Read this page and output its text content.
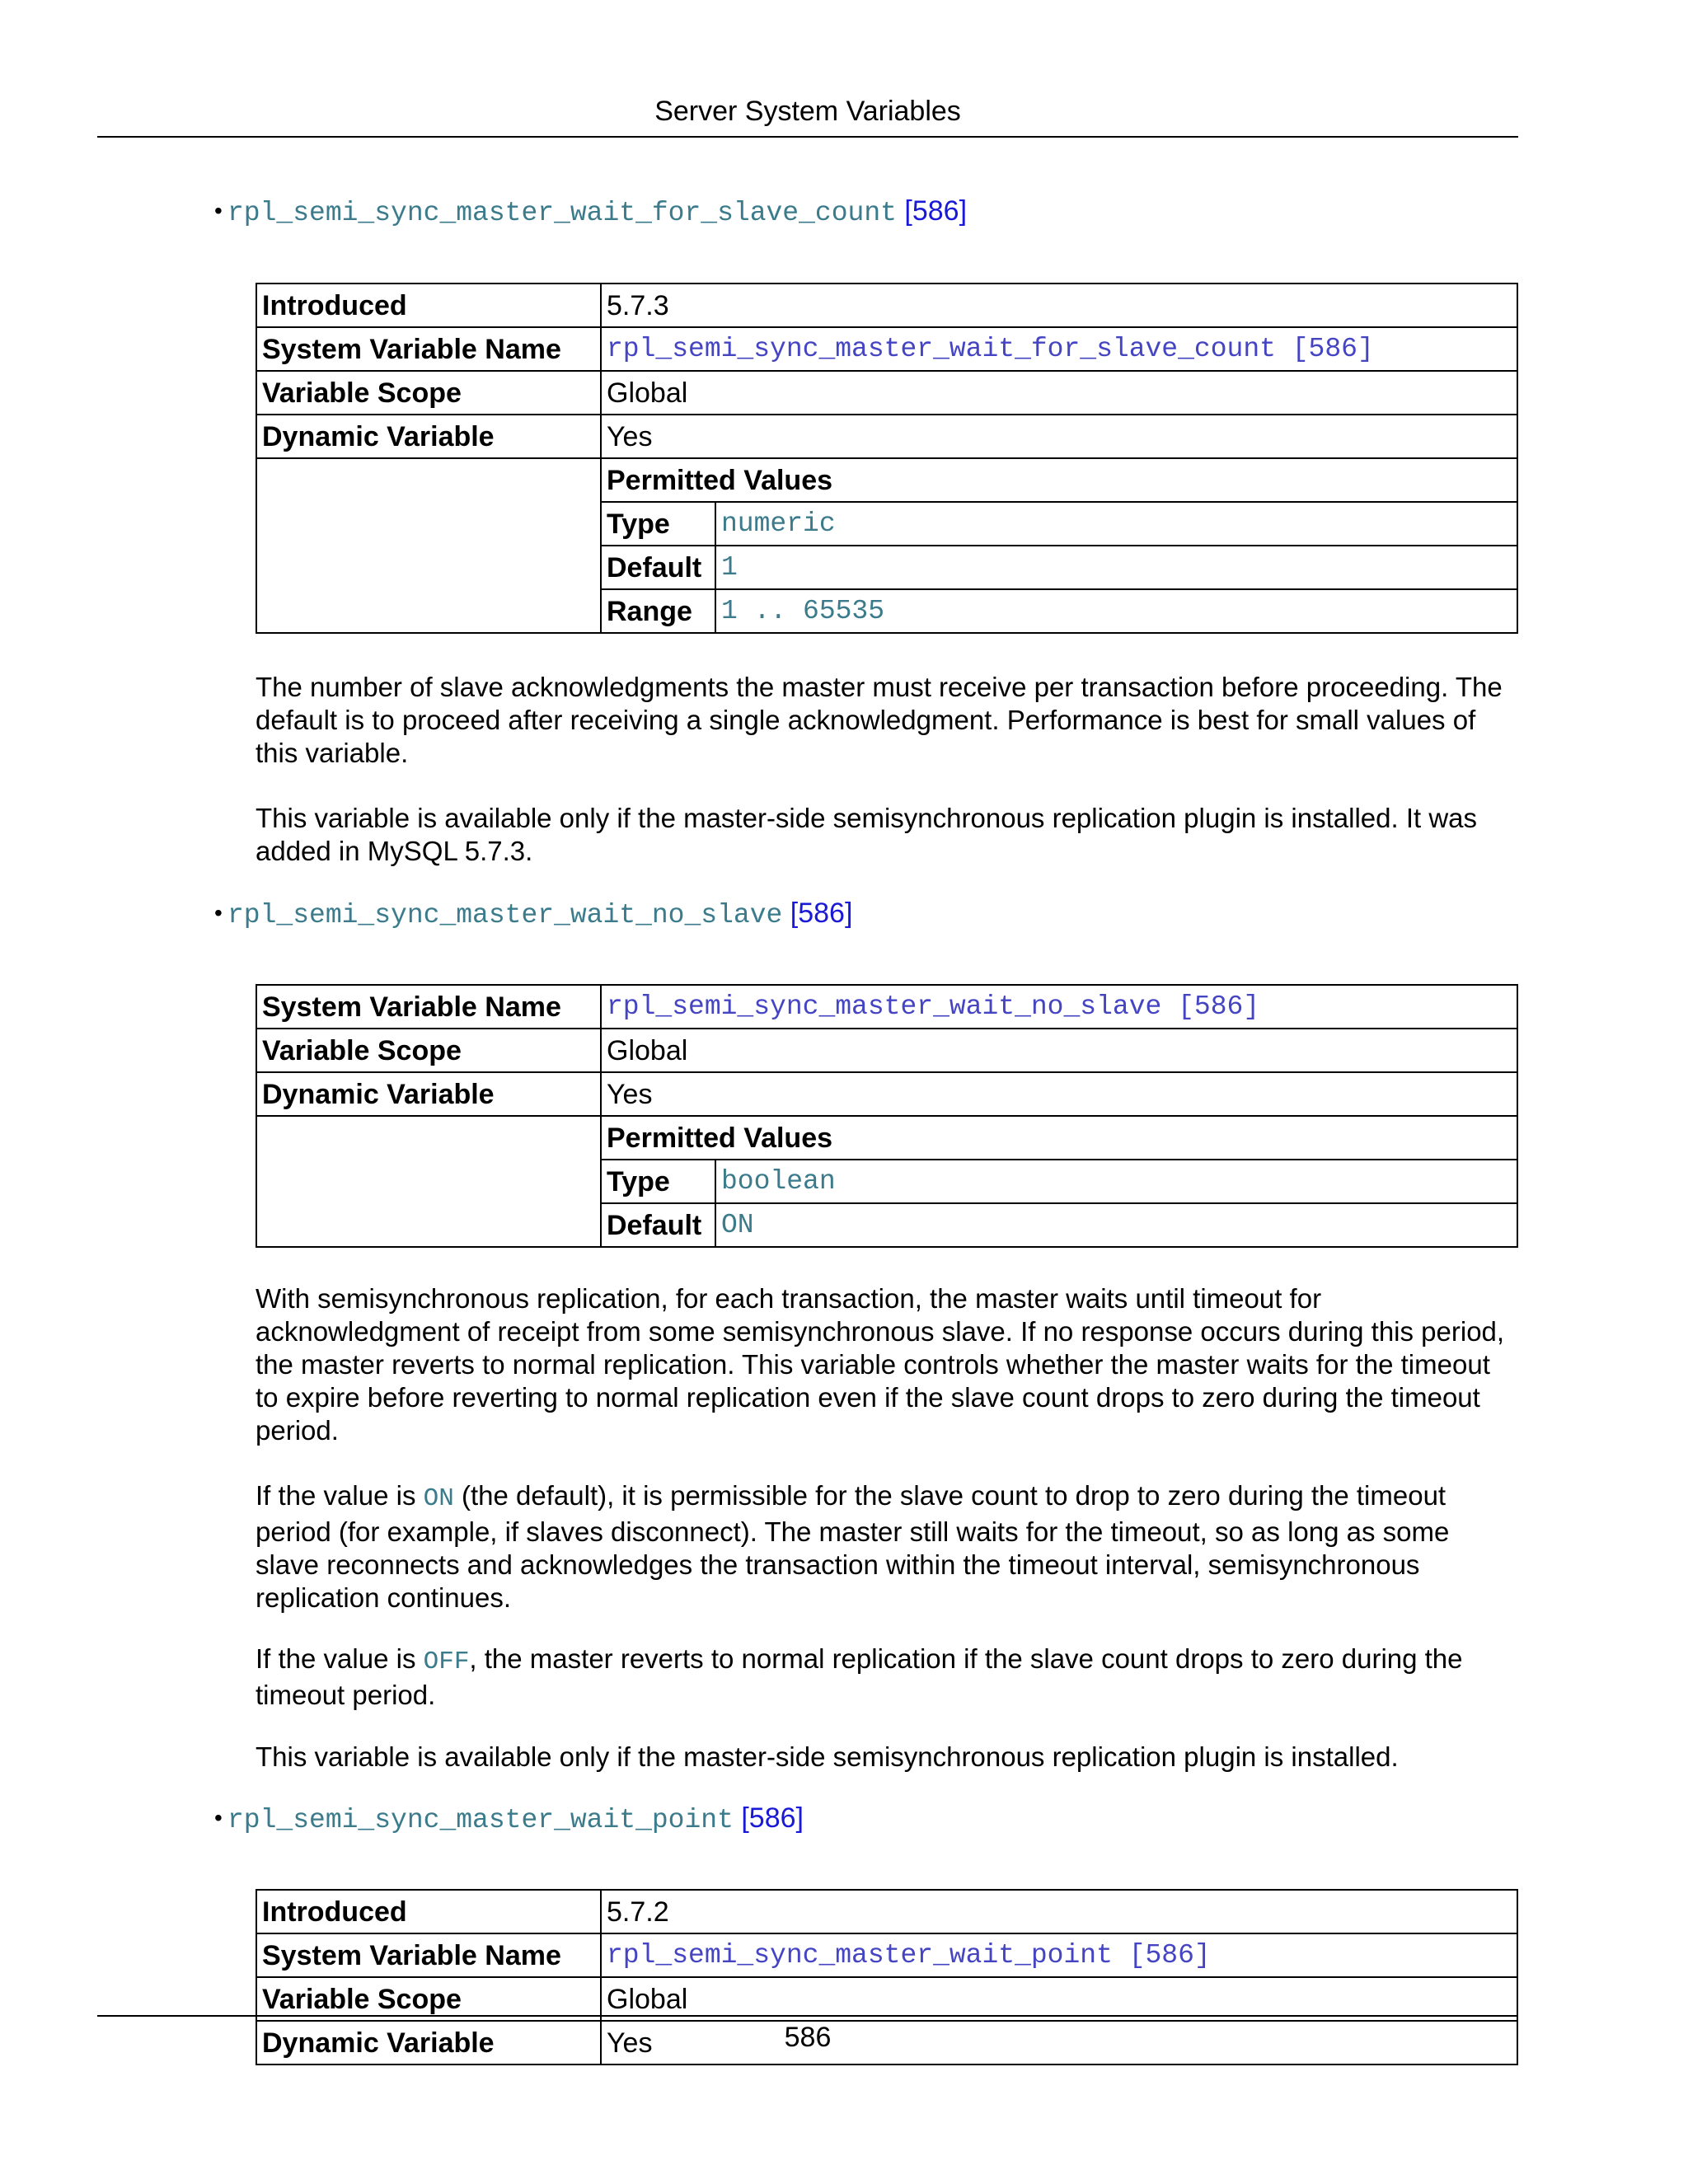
Server System Variables
• rpl_semi_sync_master_wait_for_slave_count [586]
Introduced	5.7.3
System Variable Name	rpl_semi_sync_master_wait_for_slave_count [586]
Variable Scope	Global
Dynamic Variable	Yes

Permitted Values
Type	numeric
Default	1
Range	1 .. 65535

The number of slave acknowledgments the master must receive per transaction before proceeding. The default is to proceed after receiving a single acknowledgment. Performance is best for small values of this variable.

This variable is available only if the master-side semisynchronous replication plugin is installed. It was added in MySQL 5.7.3.

• rpl_semi_sync_master_wait_no_slave [586]
System Variable Name	rpl_semi_sync_master_wait_no_slave [586]
Variable Scope	Global
Dynamic Variable	Yes

Permitted Values
Type	boolean
Default	ON

With semisynchronous replication, for each transaction, the master waits until timeout for acknowledgment of receipt from some semisynchronous slave. If no response occurs during this period, the master reverts to normal replication. This variable controls whether the master waits for the timeout to expire before reverting to normal replication even if the slave count drops to zero during the timeout period.

If the value is ON (the default), it is permissible for the slave count to drop to zero during the timeout period (for example, if slaves disconnect). The master still waits for the timeout, so as long as some slave reconnects and acknowledges the transaction within the timeout interval, semisynchronous replication continues.

If the value is OFF, the master reverts to normal replication if the slave count drops to zero during the timeout period.

This variable is available only if the master-side semisynchronous replication plugin is installed.

• rpl_semi_sync_master_wait_point [586]
Introduced	5.7.2
System Variable Name	rpl_semi_sync_master_wait_point [586]
Variable Scope	Global
Dynamic Variable	Yes	586
